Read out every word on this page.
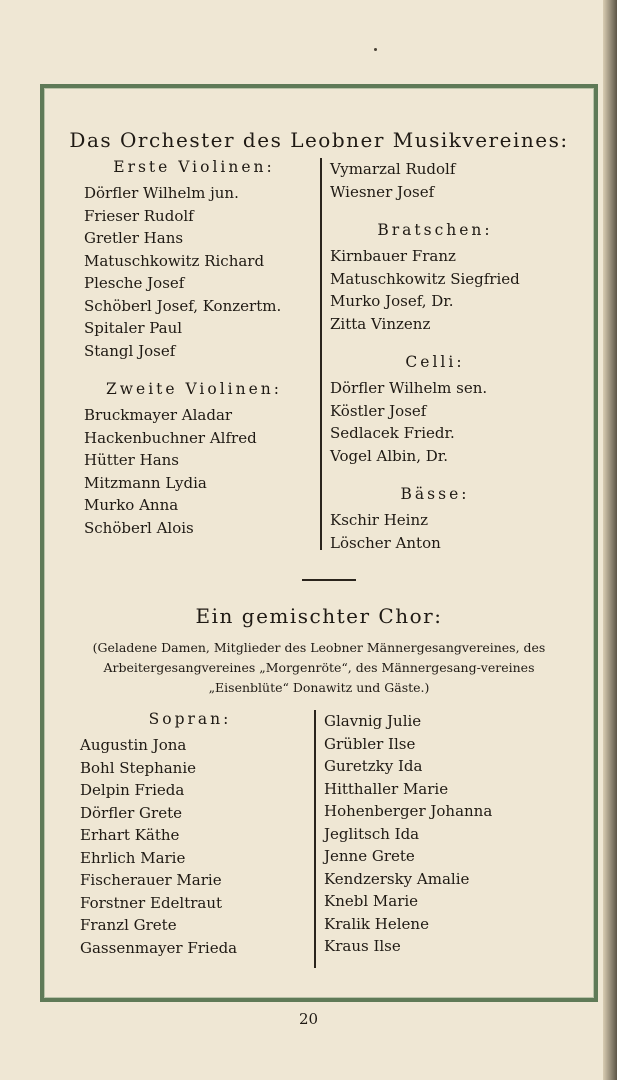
Das Orchester des Leobner Musikvereines:
Erste Violinen:
Dörfler Wilhelm jun.
Frieser Rudolf
Gretler Hans
Matuschkowitz Richard
Plesche Josef
Schöberl Josef, Konzertm.
Spitaler Paul
Stangl Josef
Zweite Violinen:
Bruckmayer Aladar
Hackenbuchner Alfred
Hütter Hans
Mitzmann Lydia
Murko Anna
Schöberl Alois
Vymarzal Rudolf
Wiesner Josef
Bratschen:
Kirnbauer Franz
Matuschkowitz Siegfried
Murko Josef, Dr.
Zitta Vinzenz
Celli:
Dörfler Wilhelm sen.
Köstler Josef
Sedlacek Friedr.
Vogel Albin, Dr.
Bässe:
Kschir Heinz
Löscher Anton
Ein gemischter Chor:
(Geladene Damen, Mitglieder des Leobner Männergesangvereines, des Arbeitergesangvereines „Morgenröte“, des Männergesang-vereines „Eisenblüte“ Donawitz und Gäste.)
Sopran:
Augustin Jona
Bohl Stephanie
Delpin Frieda
Dörfler Grete
Erhart Käthe
Ehrlich Marie
Fischerauer Marie
Forstner Edeltraut
Franzl Grete
Gassenmayer Frieda
Glavnig Julie
Grübler Ilse
Guretzky Ida
Hitthaller Marie
Hohenberger Johanna
Jeglitsch Ida
Jenne Grete
Kendzersky Amalie
Knebl Marie
Kralik Helene
Kraus Ilse
20
